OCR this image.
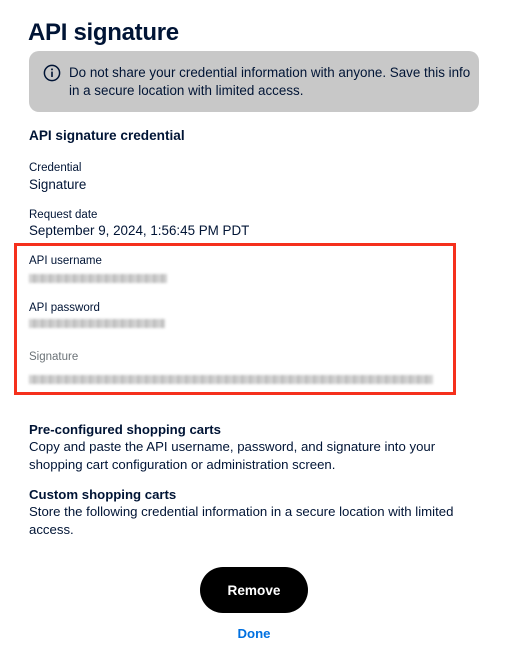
API signature
Do not share your credential information with anyone. Save this info in a secure location with limited access.
API signature credential
Credential
Signature
Request date
September 9, 2024, 1:56:45 PM PDT
API username
API password
Signature
Pre-configured shopping carts
Copy and paste the API username, password, and signature into your shopping cart configuration or administration screen.
Custom shopping carts
Store the following credential information in a secure location with limited access.
Remove
Done
